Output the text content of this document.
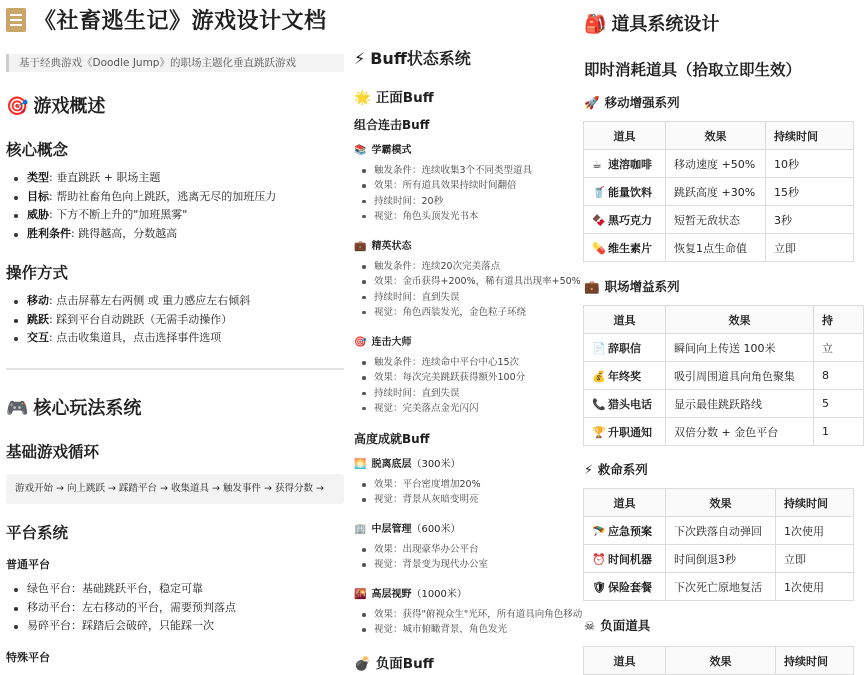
《社畜逃生记》游戏设计文档
基于经典游戏《Doodle Jump》的职场主题化垂直跳跃游戏
🎯 游戏概述
核心概念
类型: 垂直跳跃 + 职场主题
目标: 帮助社畜角色向上跳跃，逃离无尽的加班压力
威胁: 下方不断上升的"加班黑雾"
胜利条件: 跳得越高，分数越高
操作方式
移动: 点击屏幕左右两侧 或 重力感应左右倾斜
跳跃: 踩到平台自动跳跃（无需手动操作）
交互: 点击收集道具，点击选择事件选项
🎮 核心玩法系统
基础游戏循环
游戏开始 → 向上跳跃 → 踩踏平台 → 收集道具 → 触发事件 → 获得分数 →
平台系统
普通平台
绿色平台：基础跳跃平台，稳定可靠
移动平台：左右移动的平台，需要预判落点
易碎平台：踩踏后会破碎，只能踩一次
特殊平台
⚡ Buff状态系统
🌟 正面Buff
组合连击Buff
📚 学霸模式
触发条件：连续收集3个不同类型道具
效果：所有道具效果持续时间翻倍
持续时间：20秒
视觉：角色头顶发光书本
💼 精英状态
触发条件：连续20次完美落点
效果：金币获得+200%，稀有道具出现率+50%
持续时间：直到失误
视觉：角色西装发光，金色粒子环绕
🎯 连击大师
触发条件：连续命中平台中心15次
效果：每次完美跳跃获得额外100分
持续时间：直到失误
视觉：完美落点金光闪闪
高度成就Buff
🌅 脱离底层（300米）
效果：平台密度增加20%
视觉：背景从灰暗变明亮
🏢 中层管理（600米）
效果：出现豪华办公平台
视觉：背景变为现代办公室
🌇 高层视野（1000米）
效果：获得"俯视众生"光环，所有道具向角色移动
视觉：城市俯瞰背景，角色发光
💣 负面Buff
🎒 道具系统设计
即时消耗道具（拾取立即生效）
🚀 移动增强系列
道具	效果	持续时间
☕ 速溶咖啡	移动速度 +50%	10秒
🥤 能量饮料	跳跃高度 +30%	15秒
🍫 黑巧克力	短暂无敌状态	3秒
💊 维生素片	恢复1点生命值	立即
💼 职场增益系列
道具	效果	持
📄 辞职信	瞬间向上传送 100米	立
💰 年终奖	吸引周围道具向角色聚集	8
📞 猎头电话	显示最佳跳跃路线	5
🏆 升职通知	双倍分数 + 金色平台	1
⚡ 救命系列
道具	效果	持续时间
🪂 应急预案	下次跌落自动弹回	1次使用
⏰ 时间机器	时间倒退3秒	立即
🛡 保险套餐	下次死亡原地复活	1次使用
☠ 负面道具
道具	效果	持续时间
